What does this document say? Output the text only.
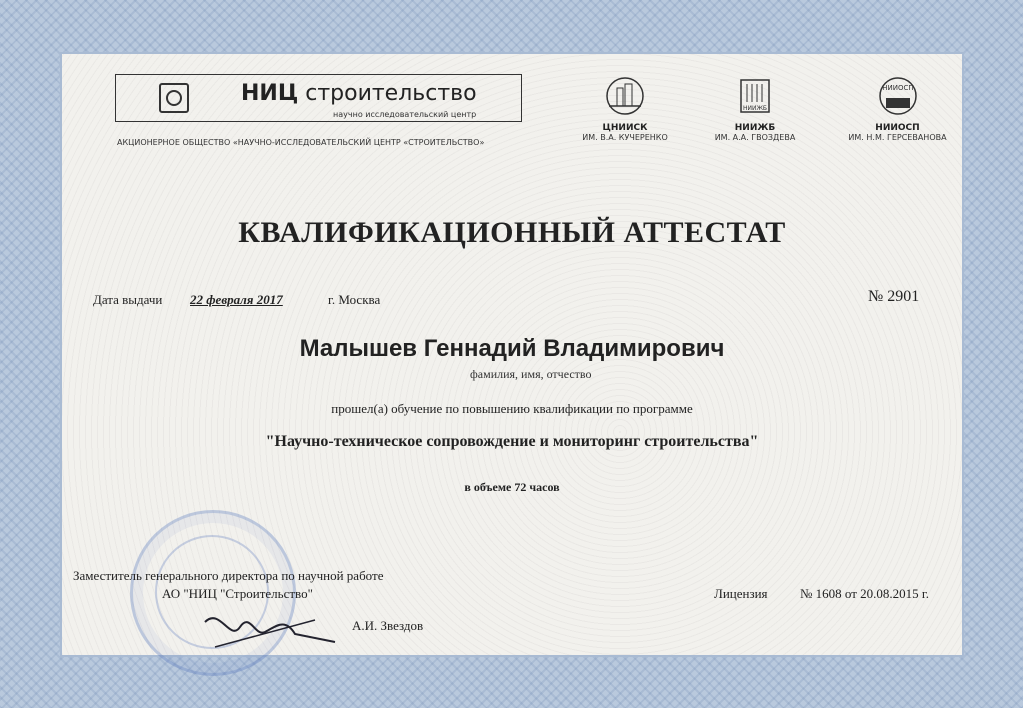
НИЦ строительство
научно исследовательский центр
АКЦИОНЕРНОЕ ОБЩЕСТВО «НАУЧНО-ИССЛЕДОВАТЕЛЬСКИЙ ЦЕНТР «СТРОИТЕЛЬСТВО»
ЦНИИСК
ИМ. В.А. КУЧЕРЕНКО
НИИЖБ
НИИЖБ
ИМ. А.А. ГВОЗДЕВА
НИИОСП
НИИОСП
ИМ. Н.М. ГЕРСЕВАНОВА
КВАЛИФИКАЦИОННЫЙ АТТЕСТАТ
Дата выдачи 22 февраля 2017	г. Москва	№ 2901
Малышев Геннадий Владимирович
фамилия, имя, отчество
прошел(а) обучение по повышению квалификации по программе
"Научно-техническое сопровождение и мониторинг строительства"
в объеме 72 часов
Заместитель генерального директора по научной работе
АО "НИЦ "Строительство"
А.И. Звездов
Лицензия № 1608 от 20.08.2015 г.
